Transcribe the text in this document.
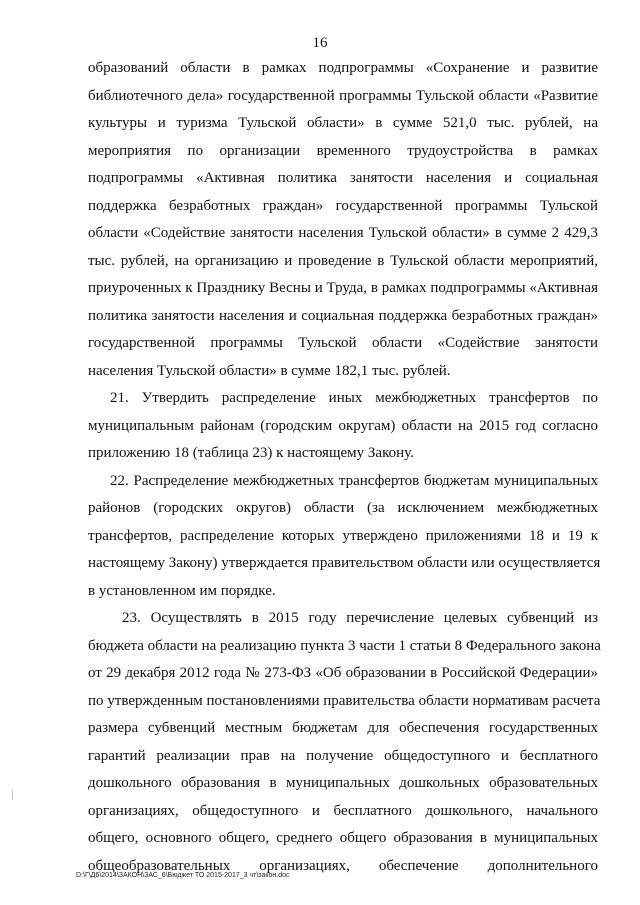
16
образований области в рамках подпрограммы «Сохранение и развитие
библиотечного дела» государственной программы Тульской области «Развитие
культуры и туризма Тульской области» в сумме 521,0 тыс. рублей, на
мероприятия по организации временного трудоустройства в рамках
подпрограммы «Активная политика занятости населения и социальная
поддержка безработных граждан» государственной программы Тульской
области «Содействие занятости населения Тульской области» в сумме 2 429,3
тыс. рублей, на организацию и проведение в Тульской области мероприятий,
приуроченных к Празднику Весны и Труда, в рамках подпрограммы «Активная
политика занятости населения и социальная поддержка безработных граждан»
государственной программы Тульской области «Содействие занятости
населения Тульской области» в сумме 182,1 тыс. рублей.
21. Утвердить распределение иных межбюджетных трансфертов по
муниципальным районам (городским округам) области на 2015 год согласно
приложению 18 (таблица 23) к настоящему Закону.
22. Распределение межбюджетных трансфертов бюджетам муниципальных
районов (городских округов) области (за исключением межбюджетных
трансфертов, распределение которых утверждено приложениями 18 и 19 к
настоящему Закону) утверждается правительством области или осуществляется
в установленном им порядке.
23. Осуществлять в 2015 году перечисление целевых субвенций из
бюджета области на реализацию пункта 3 части 1 статьи 8 Федерального закона
от 29 декабря 2012 года № 273-ФЗ «Об образовании в Российской Федерации»
по утвержденным постановлениями правительства области нормативам расчета
размера субвенций местным бюджетам для обеспечения государственных
гарантий реализации прав на получение общедоступного и бесплатного
дошкольного образования в муниципальных дошкольных образовательных
организациях, общедоступного и бесплатного дошкольного, начального
общего, основного общего, среднего общего образования в муниципальных
общеобразовательных организациях, обеспечение дополнительного
D:\Г\Д6\2014\ЗАКОН\ЗАС_6\Бюджет ТО 2015-2017_3 чт\закон.doc
